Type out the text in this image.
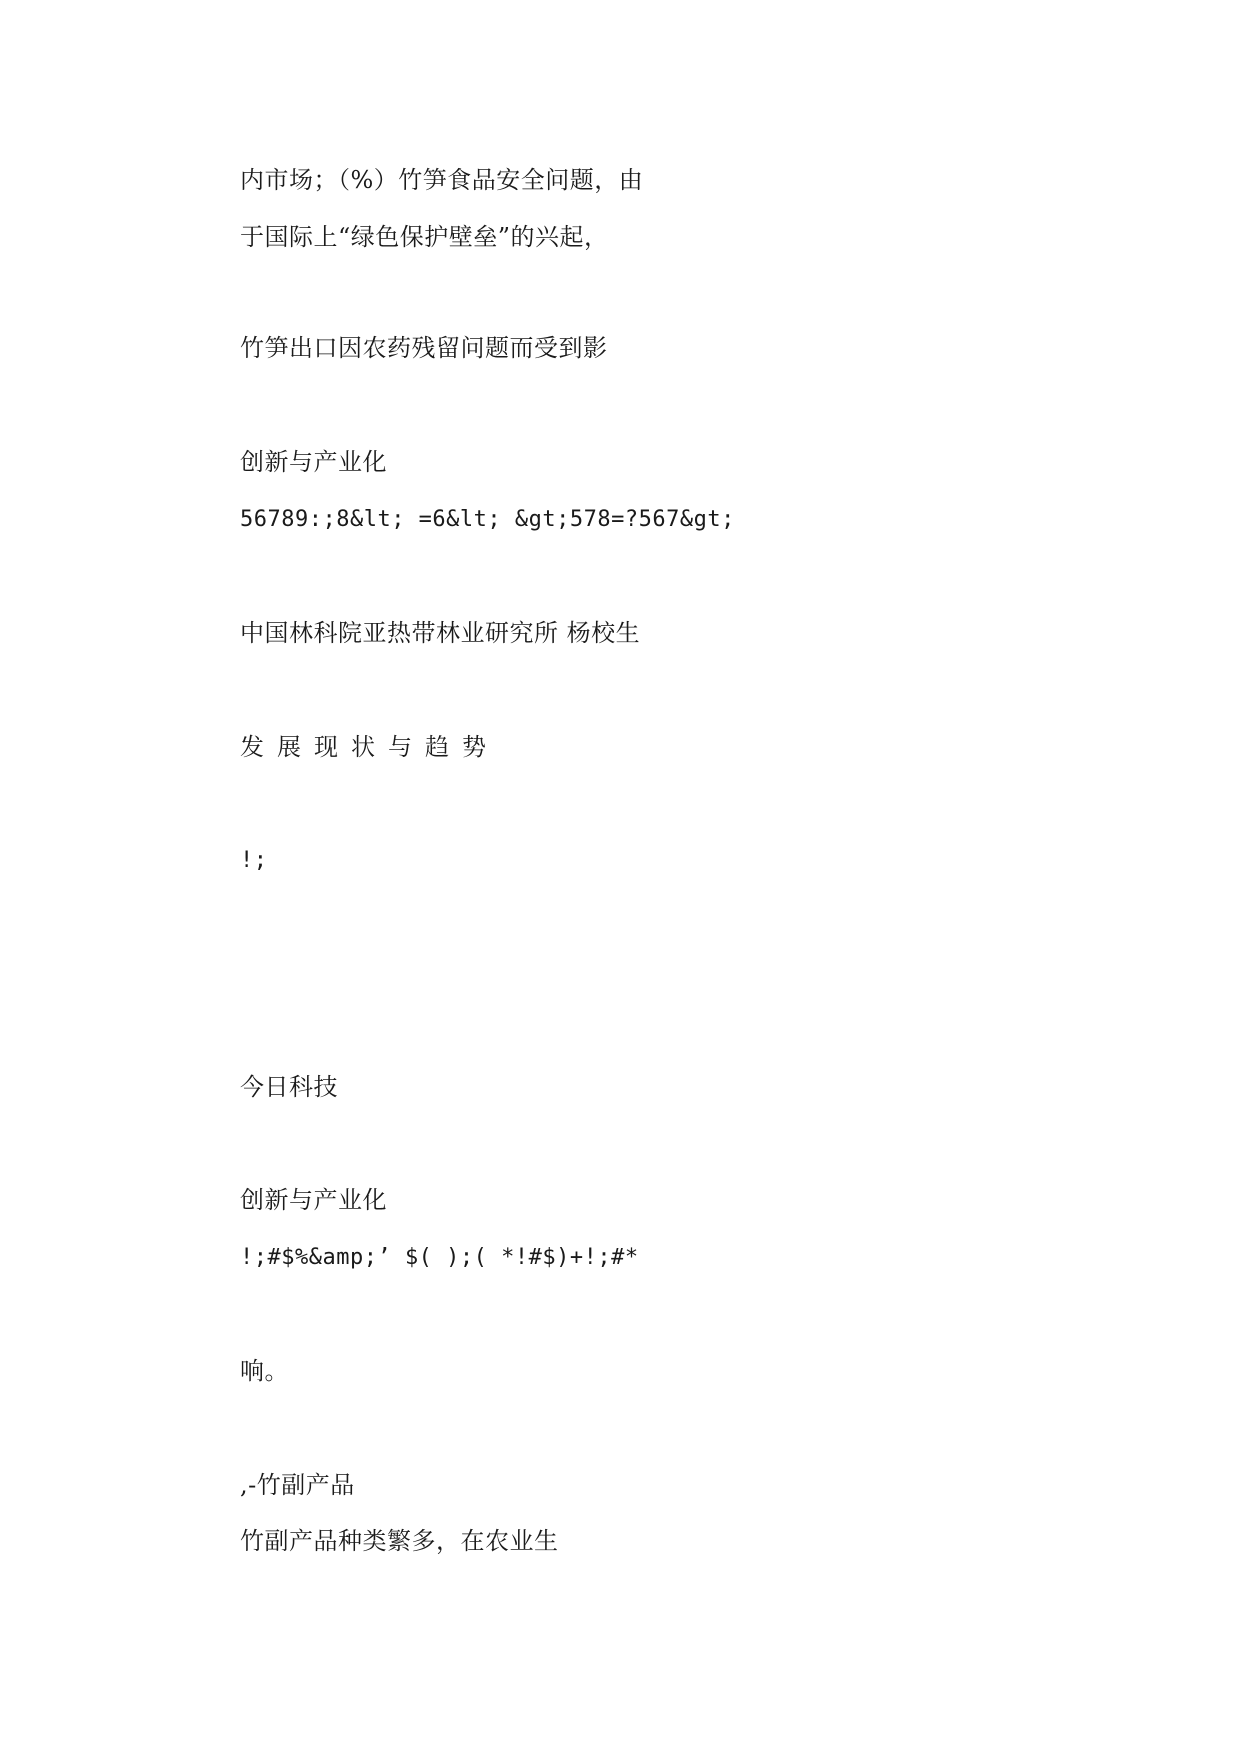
内市场；（%）竹笋食品安全问题，由
于国际上“绿色保护壁垒”的兴起，
竹笋出口因农药残留问题而受到影
创新与产业化
56789:;8&lt; =6&lt; &gt;578=?567&gt;
中国林科院亚热带林业研究所 杨校生
发展现状与趋势
!;
今日科技
创新与产业化
!;#$%&amp;’ $( );( *!#$)+!;#*
响。
,-竹副产品
竹副产品种类繁多，在农业生
